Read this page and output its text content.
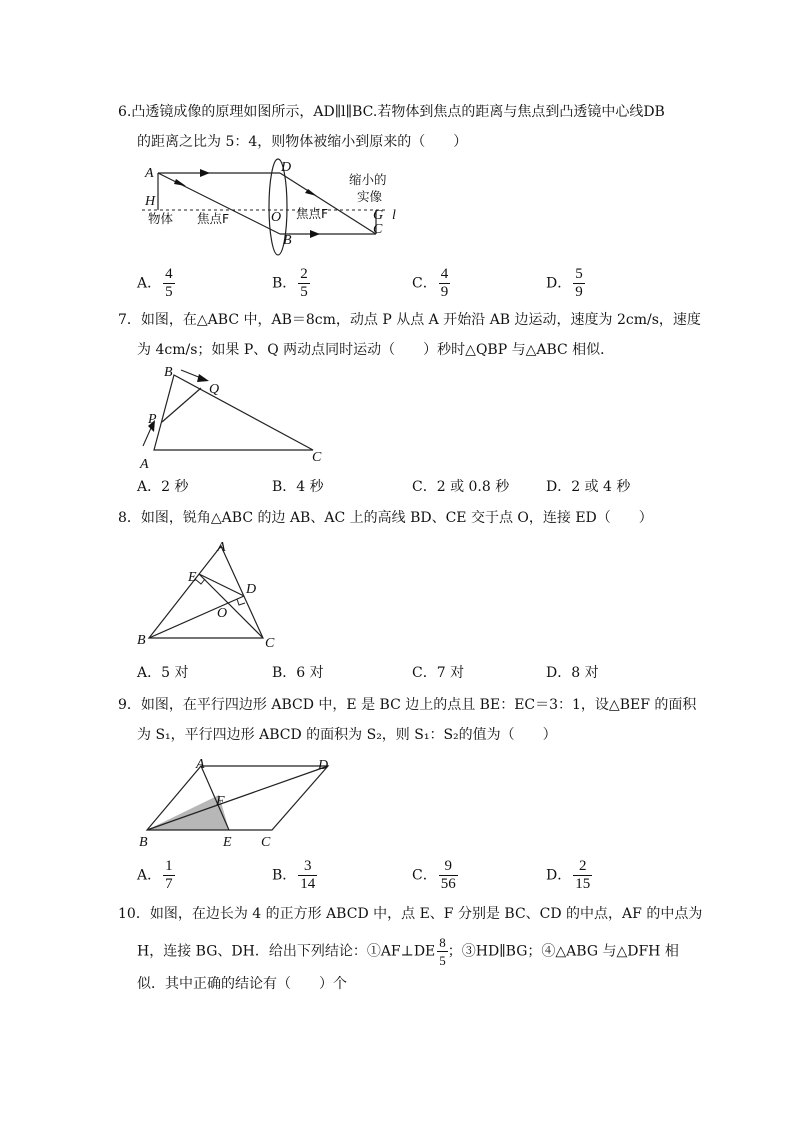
6.凸透镜成像的原理如图所示，AD∥l∥BC.若物体到焦点的距离与焦点到凸透镜中心线DB
的距离之比为 5：4，则物体被缩小到原来的（　　）
A
H
D
O
B
G
C
l
物体 焦点F	焦点F
缩小的
实像
A． $\frac{4}{5}$	B． $\frac{2}{5}$	C． $\frac{4}{9}$	D． $\frac{5}{9}$
7．如图，在△ABC 中，AB＝8cm，动点 P 从点 A 开始沿 AB 边运动，速度为 2cm/s，速度
为 4cm/s；如果 P、Q 两动点同时运动（　　）秒时△QBP 与△ABC 相似．
A
B
C
P
Q
A．2 秒	B．4 秒	C．2 或 0.8 秒	D．2 或 4 秒
8．如图，锐角△ABC 的边 AB、AC 上的高线 BD、CE 交于点 O，连接 ED（　　）
A
B	C
D
E
O
A．5 对	B．6 对	C．7 对	D．8 对
9．如图，在平行四边形 ABCD 中，E 是 BC 边上的点且 BE：EC＝3：1，设△BEF 的面积
为 S₁，平行四边形 ABCD 的面积为 S₂，则 S₁：S₂的值为（　　）
A
B	C
D
E
F
A． $\frac{1}{7}$	B． $\frac{3}{14}$	C． $\frac{9}{56}$	D． $\frac{2}{15}$
10．如图，在边长为 4 的正方形 ABCD 中，点 E、F 分别是 BC、CD 的中点，AF 的中点为
H，连接 BG、DH．给出下列结论：①AF⊥DE $\frac{8}{5}$ ；③HD∥BG；④△ABG 与△DFH 相
似．其中正确的结论有（　　）个
